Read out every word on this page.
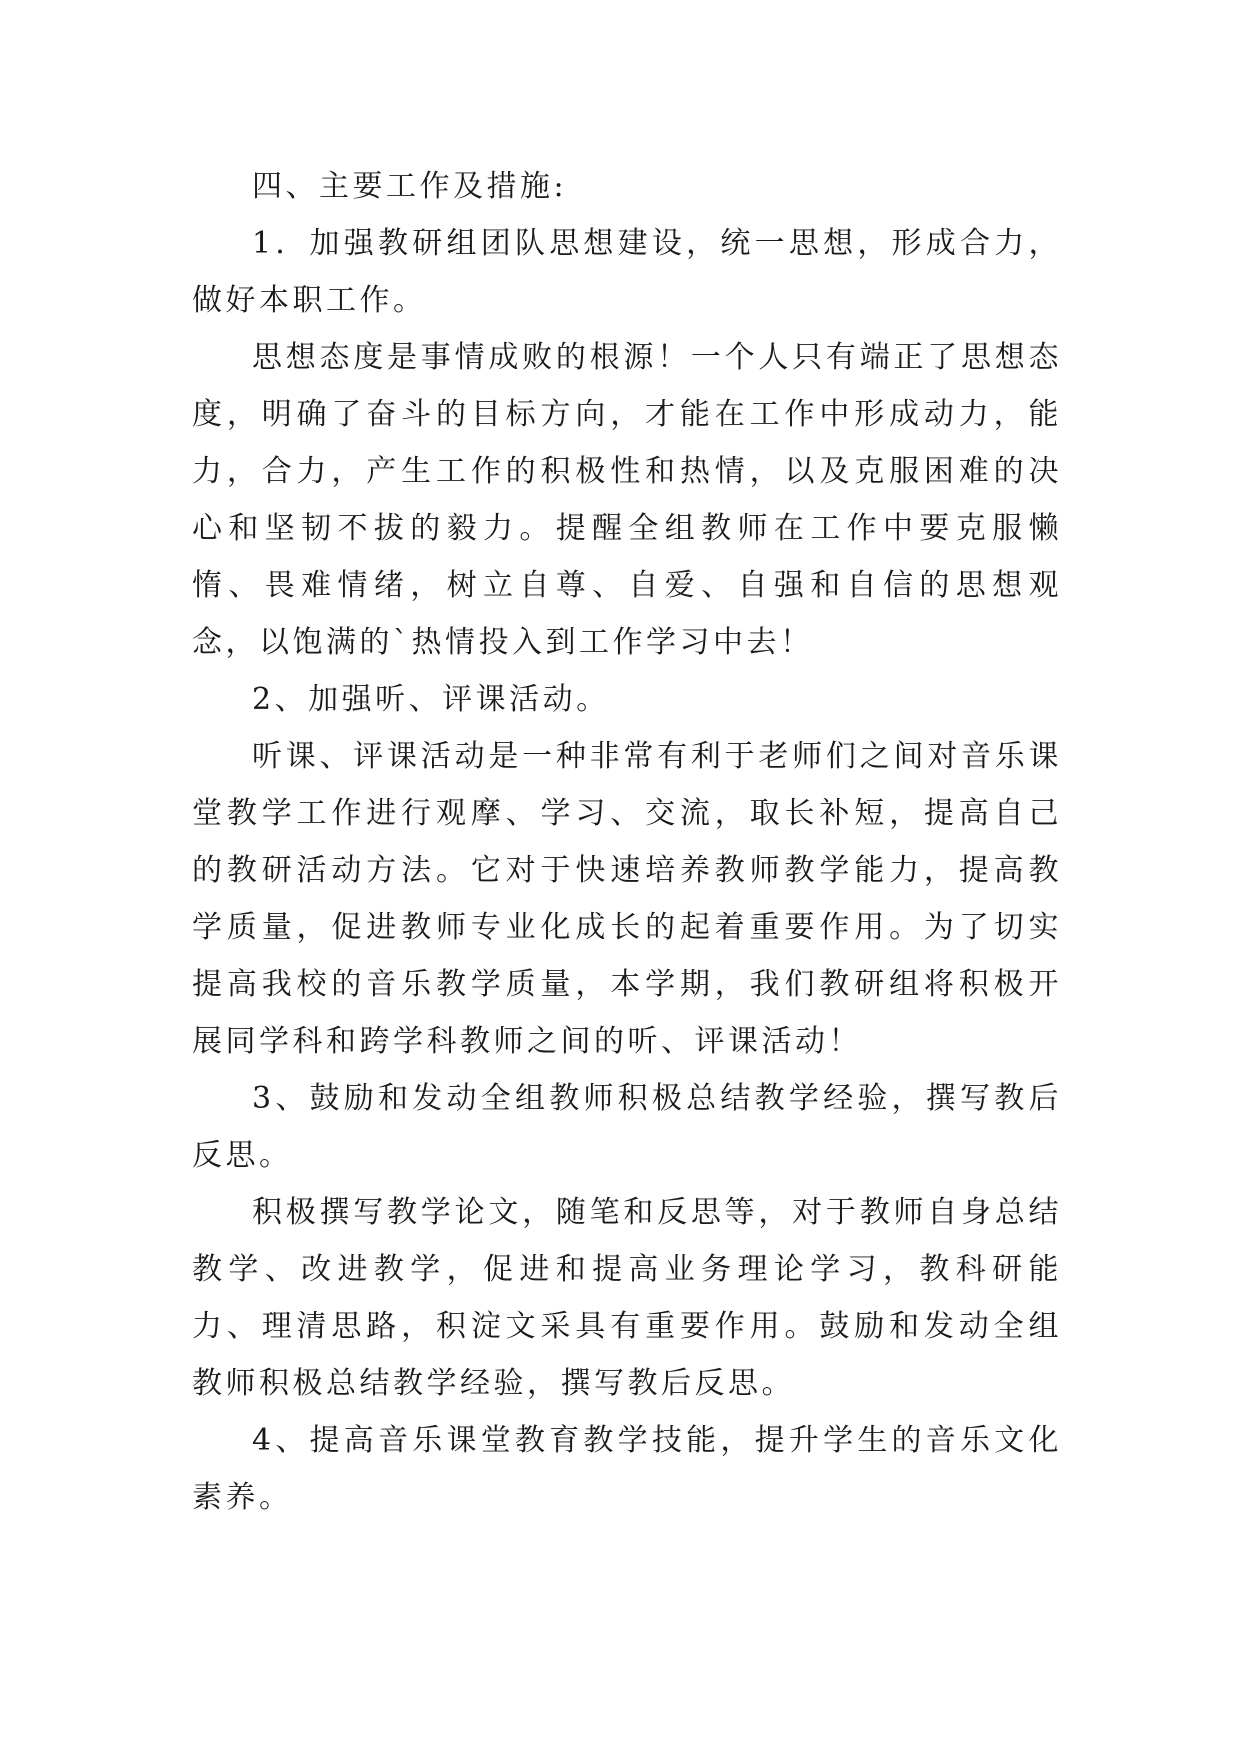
四、主要工作及措施:

1．加强教研组团队思想建设，统一思想，形成合力，做好本职工作。

思想态度是事情成败的根源！一个人只有端正了思想态度，明确了奋斗的目标方向，才能在工作中形成动力，能力，合力，产生工作的积极性和热情，以及克服困难的决心和坚韧不拔的毅力。提醒全组教师在工作中要克服懒惰、畏难情绪，树立自尊、自爱、自强和自信的思想观念，以饱满的`热情投入到工作学习中去！

2、加强听、评课活动。

听课、评课活动是一种非常有利于老师们之间对音乐课堂教学工作进行观摩、学习、交流，取长补短，提高自己的教研活动方法。它对于快速培养教师教学能力，提高教学质量，促进教师专业化成长的起着重要作用。为了切实提高我校的音乐教学质量，本学期，我们教研组将积极开展同学科和跨学科教师之间的听、评课活动！

3、鼓励和发动全组教师积极总结教学经验，撰写教后反思。

积极撰写教学论文，随笔和反思等，对于教师自身总结教学、改进教学，促进和提高业务理论学习，教科研能力、理清思路，积淀文采具有重要作用。鼓励和发动全组教师积极总结教学经验，撰写教后反思。

4、提高音乐课堂教育教学技能，提升学生的音乐文化素养。
